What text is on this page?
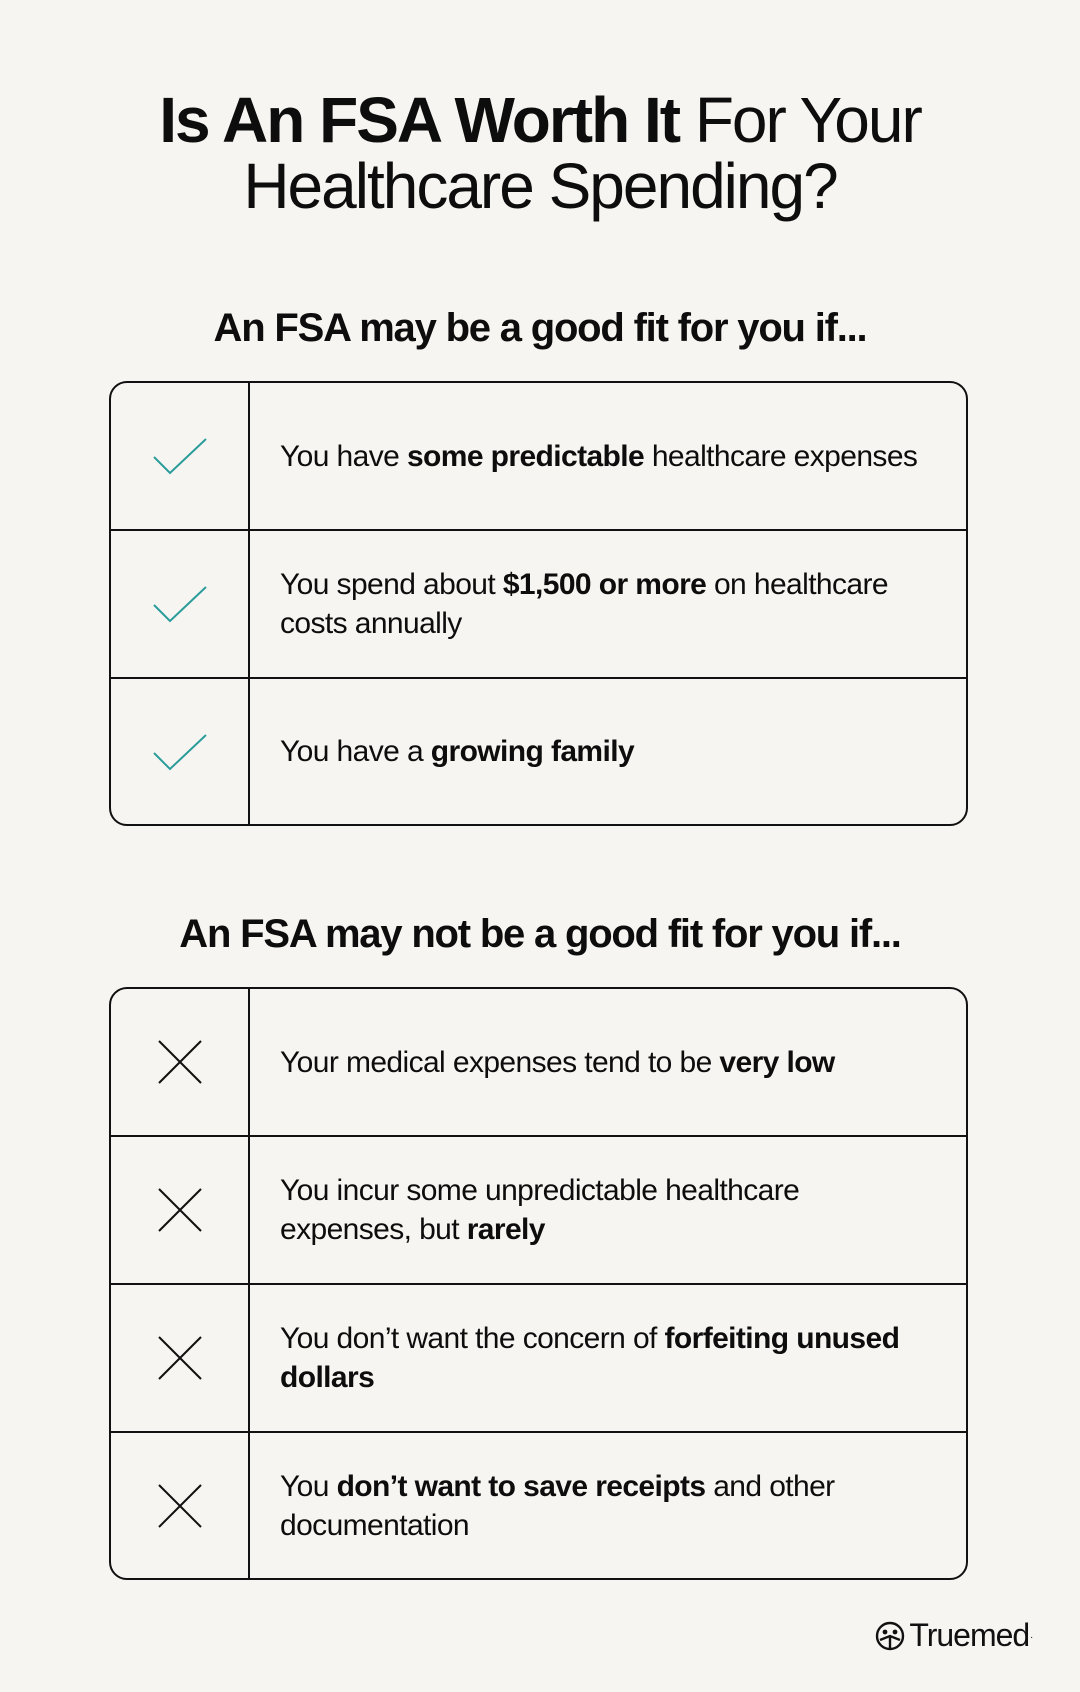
Is An FSA Worth It For Your
Healthcare Spending?
An FSA may be a good fit for you if...

You have some predictable healthcare expenses

You spend about $1,500 or more on healthcare costs annually

You have a growing family

An FSA may not be a good fit for you if...

Your medical expenses tend to be very low

You incur some unpredictable healthcare expenses, but rarely

You don’t want the concern of forfeiting unused dollars

You don’t want to save receipts and other documentation

Truemed .
